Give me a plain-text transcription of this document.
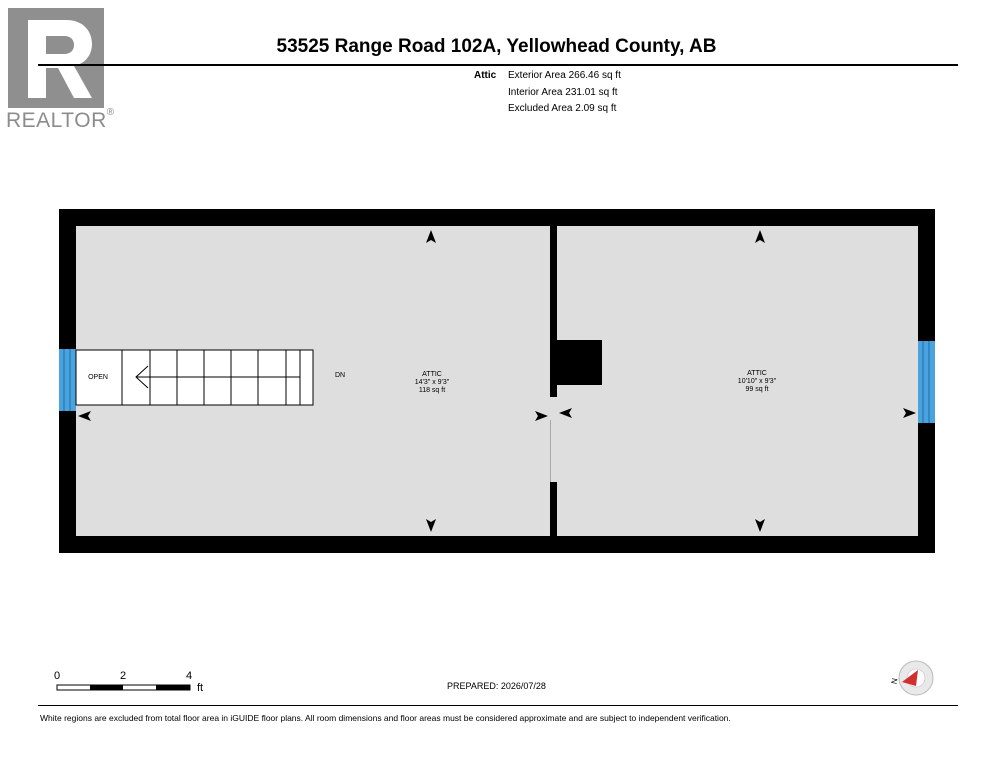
REALTOR®
53525 Range Road 102A, Yellowhead County, AB
Attic Exterior Area 266.46 sq ft
Interior Area 231.01 sq ft
Excluded Area 2.09 sq ft
OPEN	DN	ATTIC
14'3" x 9'3"
118 sq ft
ATTIC
10'10" x 9'3"
99 sq ft
N
0	2	4
ft	PREPARED: 2026/07/28
White regions are excluded from total floor area in iGUIDE floor plans. All room dimensions and floor areas must be considered approximate and are subject to independent verification.
